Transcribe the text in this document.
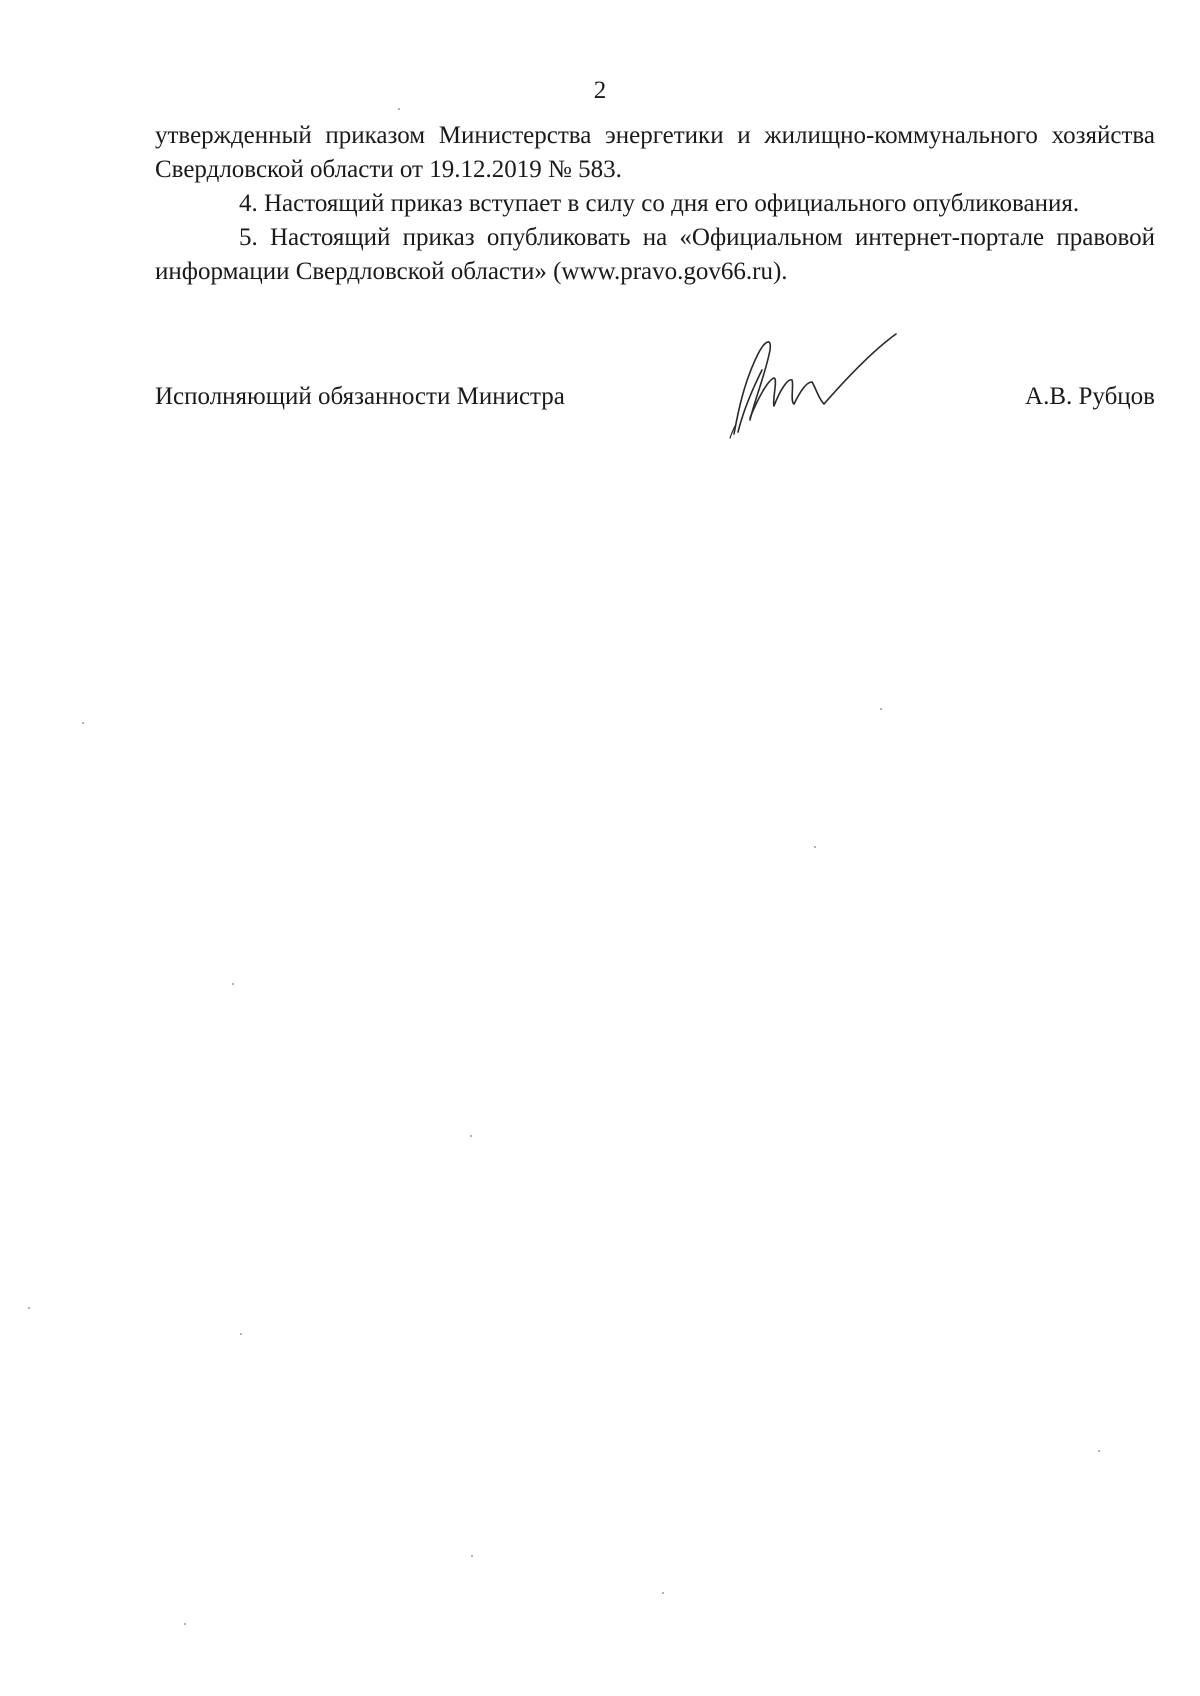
2

утвержденный приказом Министерства энергетики и жилищно-коммунального хозяйства Свердловской области от 19.12.2019 № 583.

4. Настоящий приказ вступает в силу со дня его официального опубликования.

5. Настоящий приказ опубликовать на «Официальном интернет-портале правовой информации Свердловской области» (www.pravo.gov66.ru).

Исполняющий обязанности Министра	А.В. Рубцов
